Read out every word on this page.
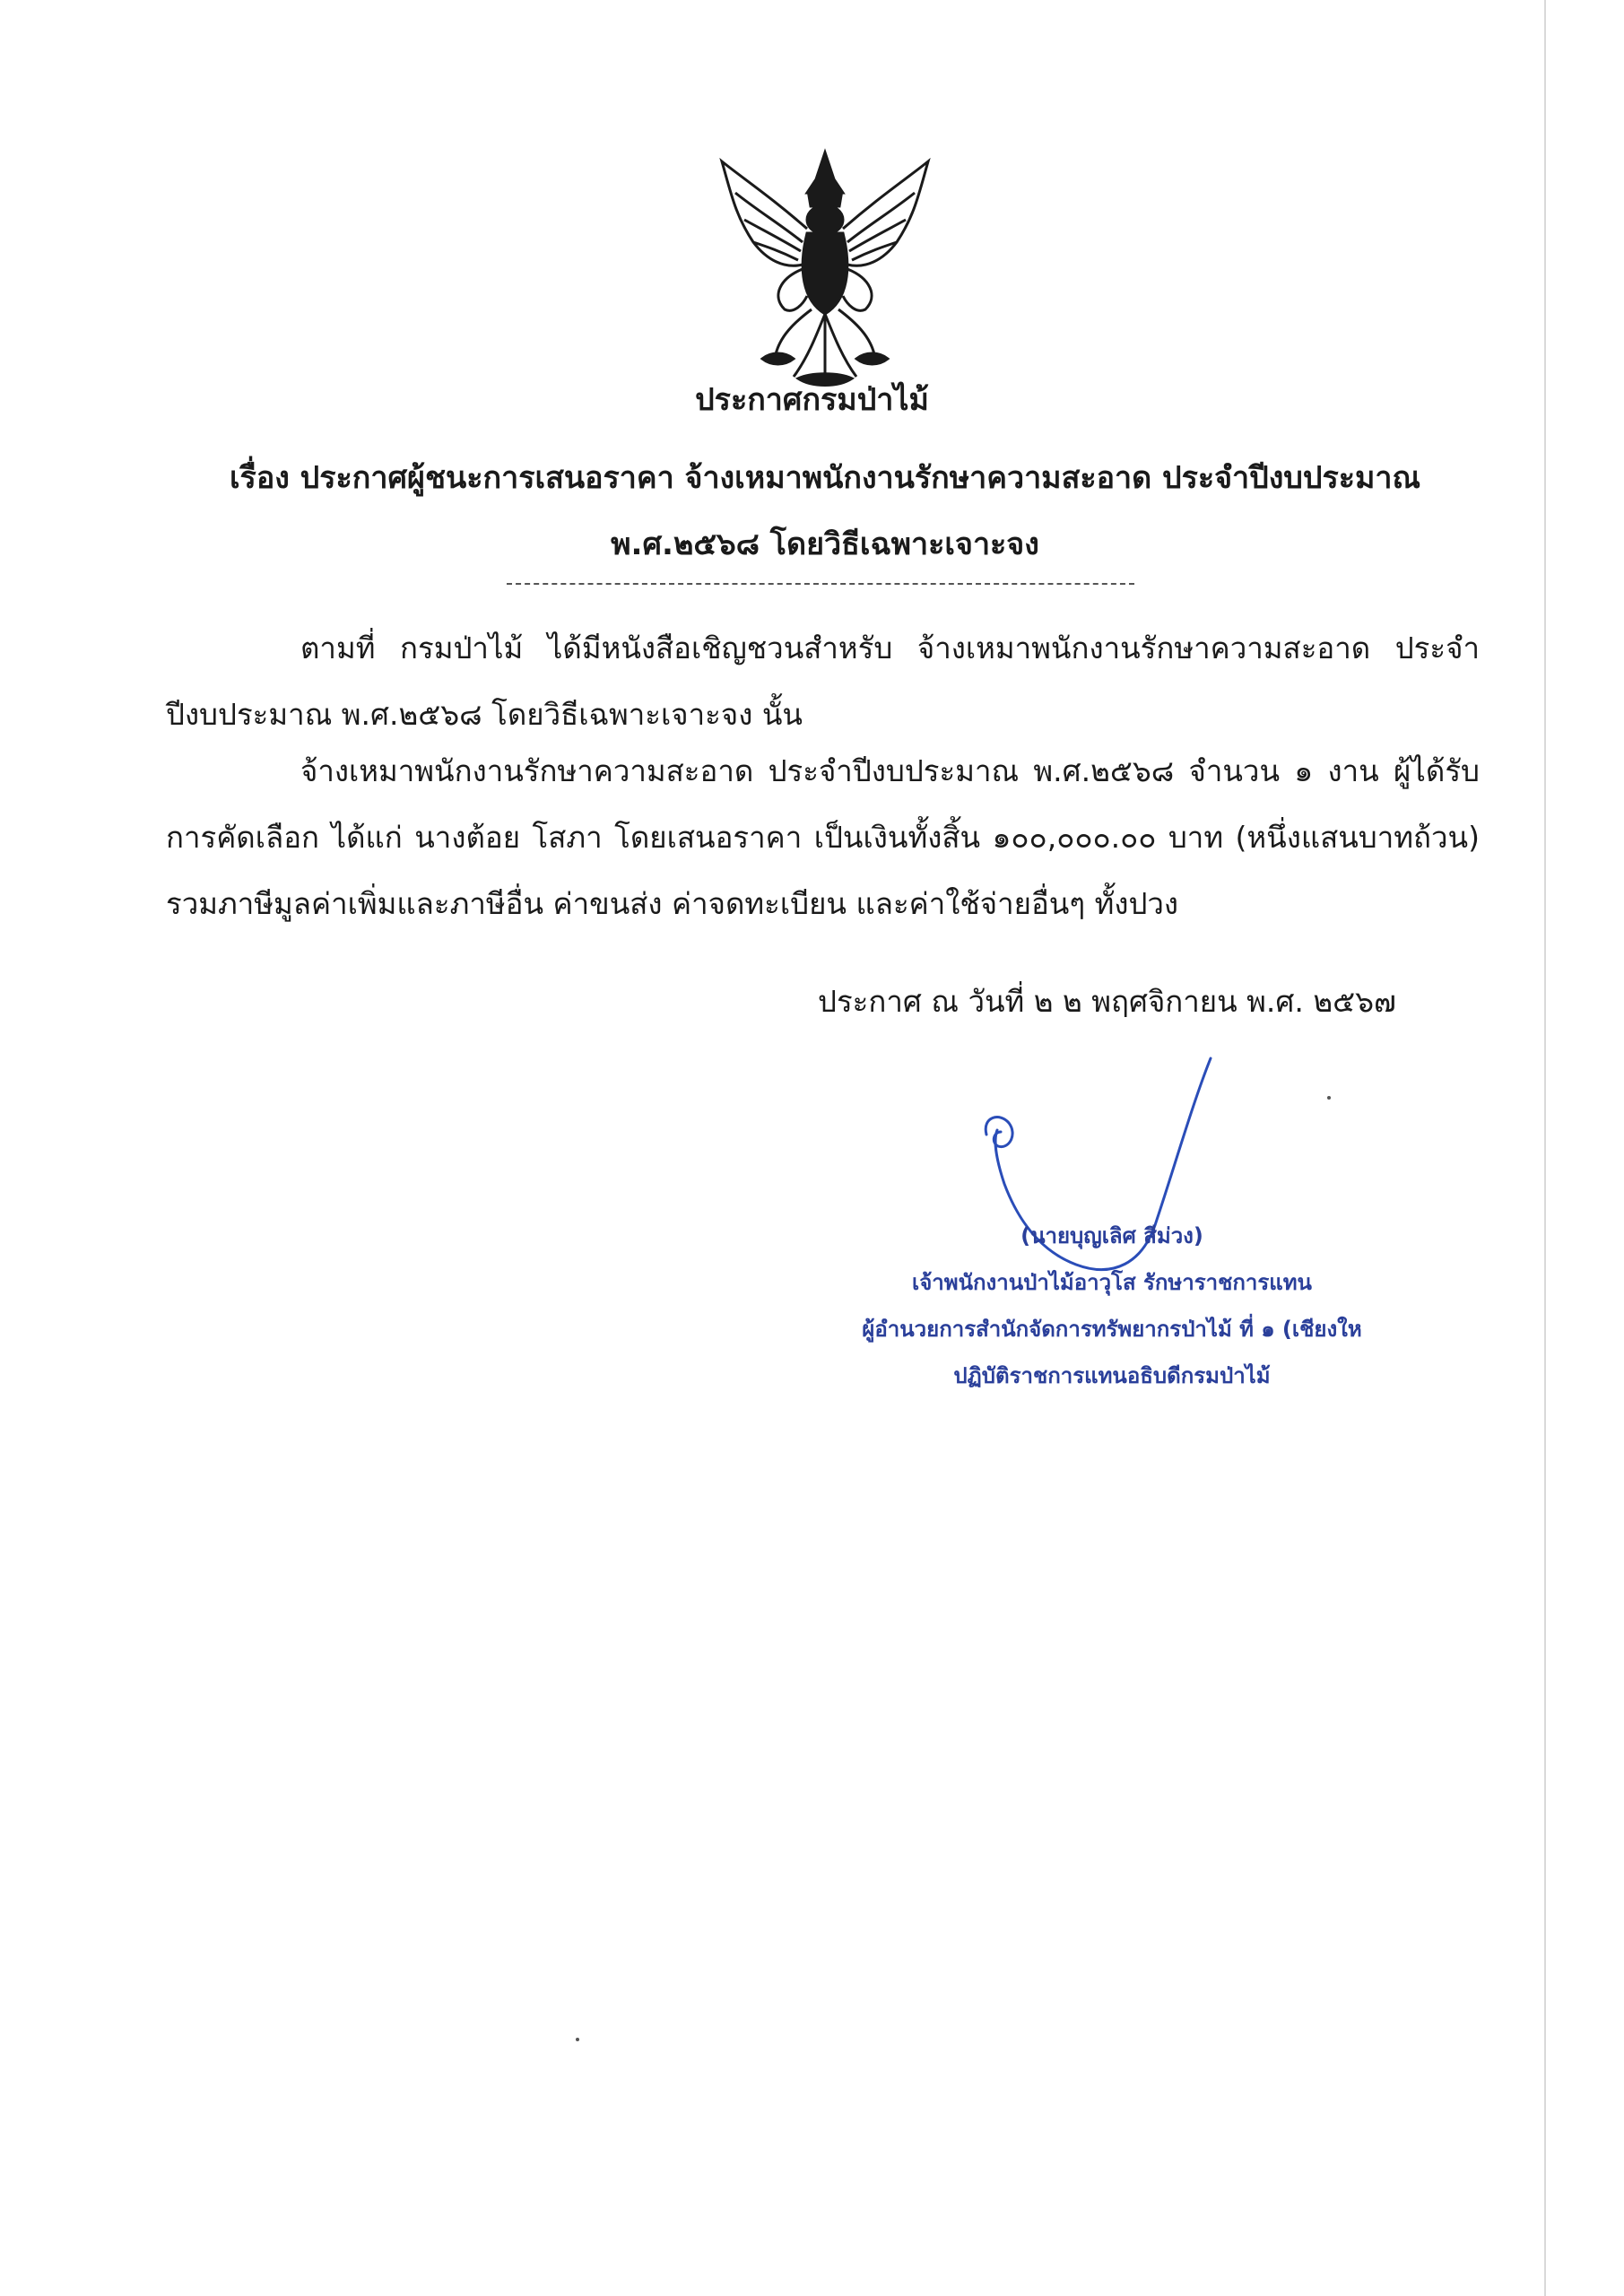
ประกาศกรมป่าไม้
เรื่อง ประกาศผู้ชนะการเสนอราคา จ้างเหมาพนักงานรักษาความสะอาด ประจำปีงบประมาณ พ.ศ.๒๕๖๘ โดยวิธีเฉพาะเจาะจง
ตามที่ กรมป่าไม้ ได้มีหนังสือเชิญชวนสำหรับ จ้างเหมาพนักงานรักษาความสะอาด ประจำปีงบประมาณ พ.ศ.๒๕๖๘ โดยวิธีเฉพาะเจาะจง นั้น
จ้างเหมาพนักงานรักษาความสะอาด ประจำปีงบประมาณ พ.ศ.๒๕๖๘ จำนวน ๑ งาน ผู้ได้รับการคัดเลือก ได้แก่ นางต้อย โสภา โดยเสนอราคา เป็นเงินทั้งสิ้น ๑๐๐,๐๐๐.๐๐ บาท (หนึ่งแสนบาทถ้วน) รวมภาษีมูลค่าเพิ่มและภาษีอื่น ค่าขนส่ง ค่าจดทะเบียน และค่าใช้จ่ายอื่นๆ ทั้งปวง
ประกาศ ณ วันที่ ๒ ๒ พฤศจิกายน พ.ศ. ๒๕๖๗
(นายบุญเลิศ สีม่วง)
เจ้าพนักงานป่าไม้อาวุโส รักษาราชการแทน
ผู้อำนวยการสำนักจัดการทรัพยากรป่าไม้ ที่ ๑ (เชียงให
ปฏิบัติราชการแทนอธิบดีกรมป่าไม้
